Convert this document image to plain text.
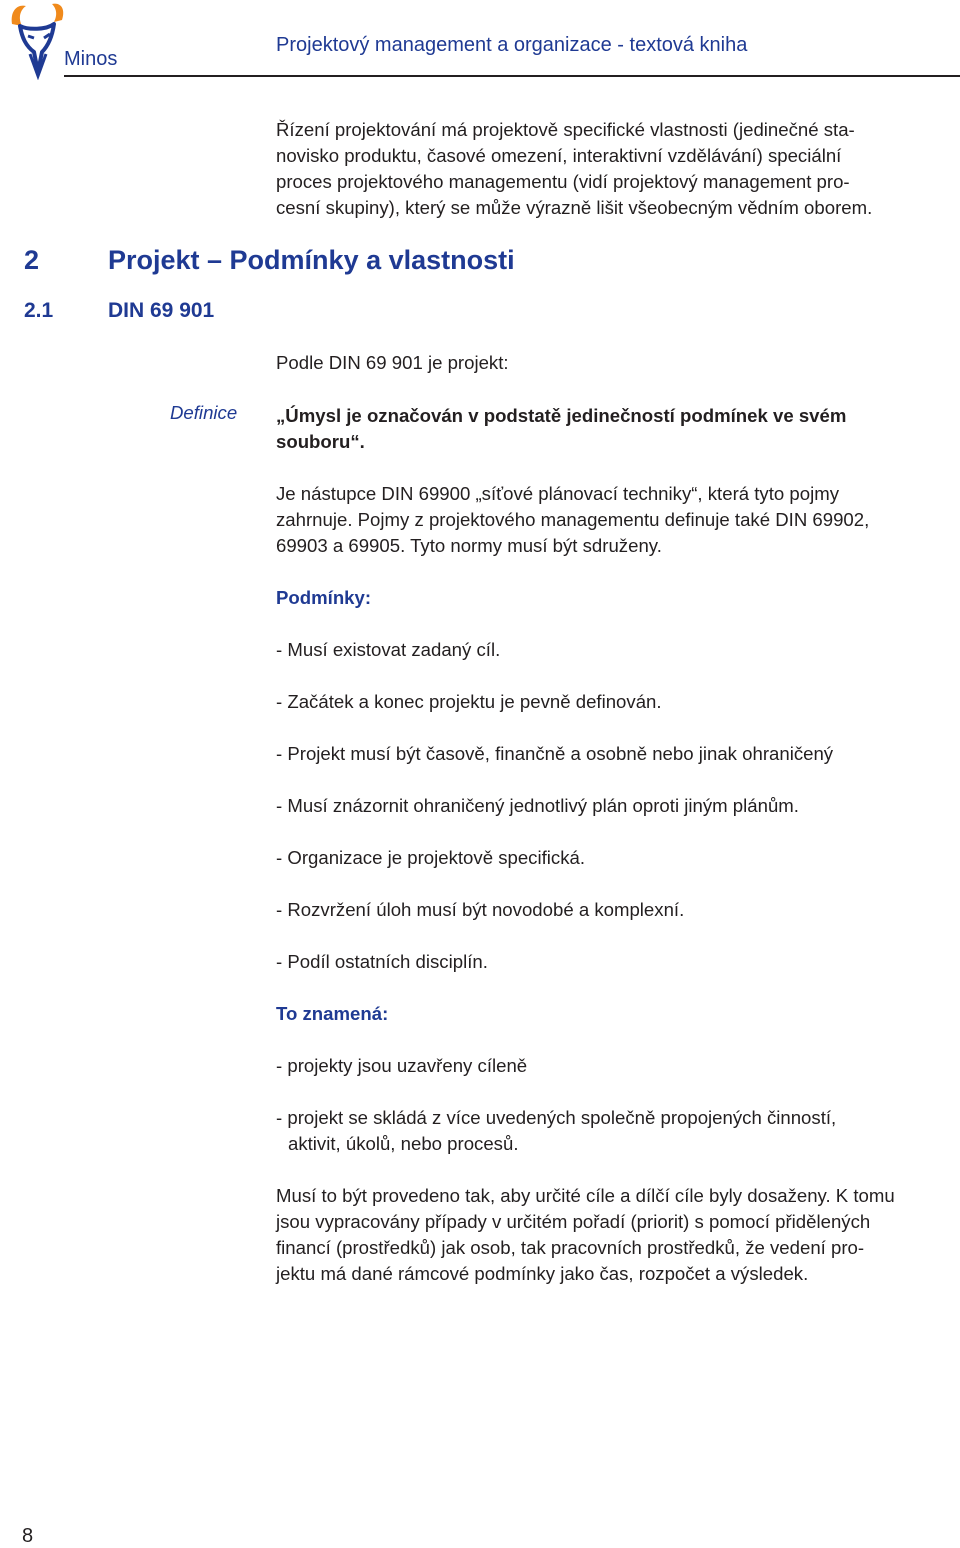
Minos
Projektový management a organizace - textová kniha

Řízení projektování má projektově specifické vlastnosti (jedinečné sta-

novisko produktu, časové omezení, interaktivní vzdělávání) speciální

proces projektového managementu (vidí projektový management pro-

cesní skupiny), který se může výrazně lišit všeobecným vědním oborem.

2	Projekt – Podmínky a vlastnosti
2.1	DIN 69 901

Podle DIN 69 901 je projekt:

Definice „Úmysl je označován v podstatě jedinečností podmínek ve svém

souboru“.

Je nástupce DIN 69900 „síťové plánovací techniky“, která tyto pojmy

zahrnuje. Pojmy z projektového managementu definuje také DIN 69902,

69903 a 69905. Tyto normy musí být sdruženy.

Podmínky:

- Musí existovat zadaný cíl.

- Začátek a konec projektu je pevně definován.

- Projekt musí být časově, finančně a osobně nebo jinak ohraničený

- Musí znázornit ohraničený jednotlivý plán oproti jiným plánům.

- Organizace je projektově specifická.

- Rozvržení úloh musí být novodobé a komplexní.

- Podíl ostatních disciplín.

To znamená:

- projekty jsou uzavřeny cíleně

- projekt se skládá z více uvedených společně propojených činností,

aktivit, úkolů, nebo procesů.

Musí to být provedeno tak, aby určité cíle a dílčí cíle byly dosaženy. K tomu

jsou vypracovány případy v určitém pořadí (priorit) s pomocí přidělených

financí (prostředků) jak osob, tak pracovních prostředků, že vedení pro-

jektu má dané rámcové podmínky jako čas, rozpočet a výsledek.

8
